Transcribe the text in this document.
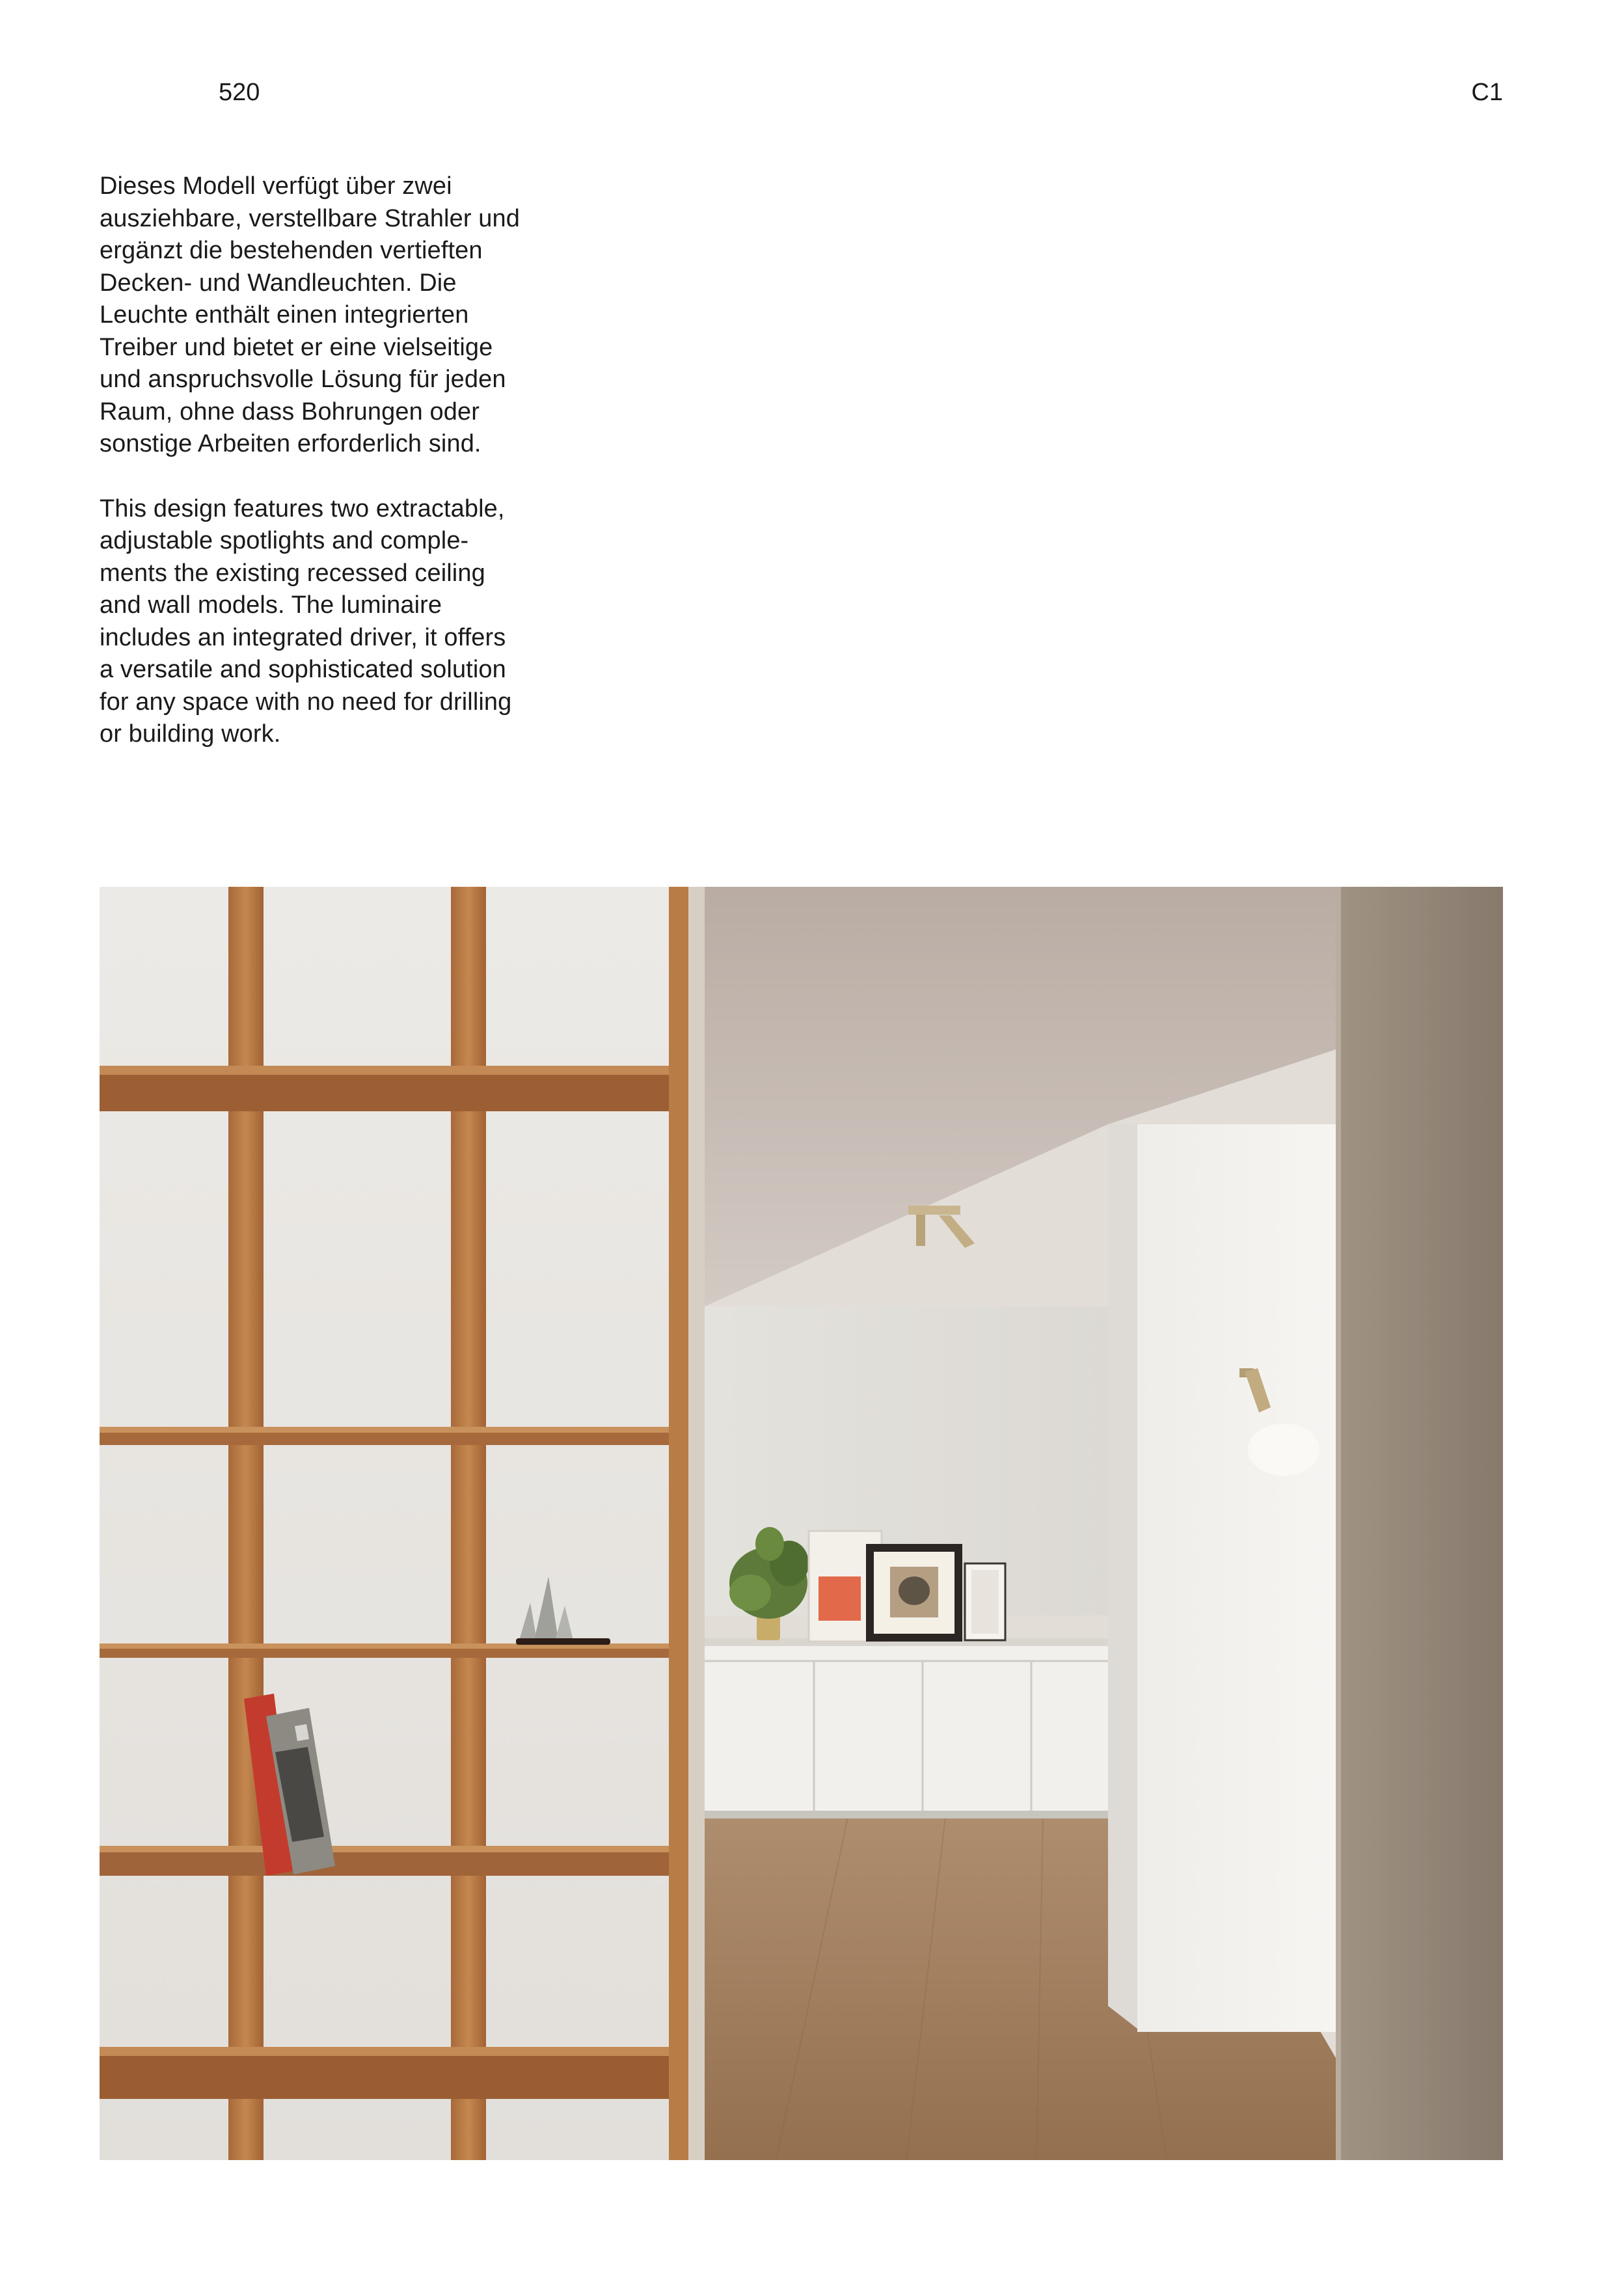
520	C1

Dieses Modell verfügt über zwei
ausziehbare, verstellbare Strahler und
ergänzt die bestehenden vertieften
Decken- und Wandleuchten. Die
Leuchte enthält einen integrierten
Treiber und bietet er eine vielseitige
und anspruchsvolle Lösung für jeden
Raum, ohne dass Bohrungen oder
sonstige Arbeiten erforderlich sind.

This design features two extractable,
adjustable spotlights and comple-
ments the existing recessed ceiling
and wall models. The luminaire
includes an integrated driver, it offers
a versatile and sophisticated solution
for any space with no need for drilling
or building work.
